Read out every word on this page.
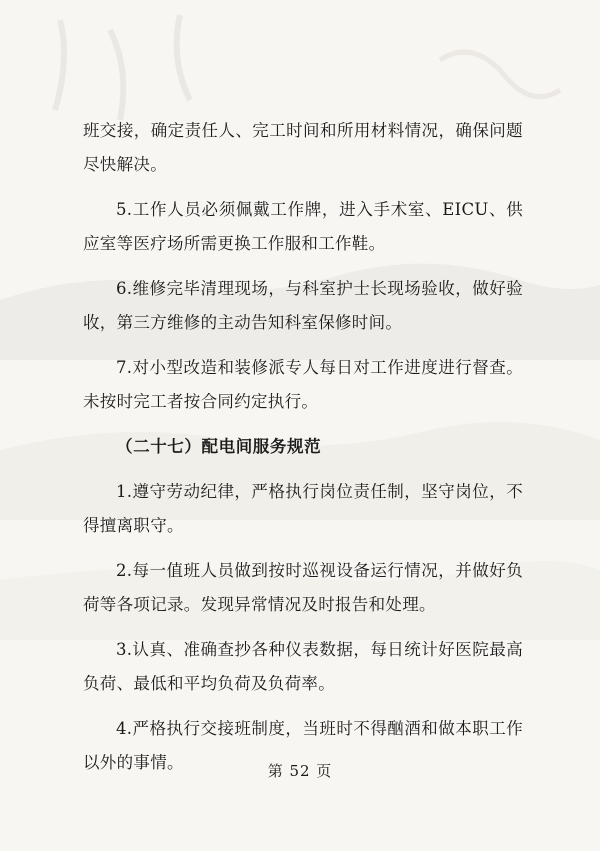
班交接，确定责任人、完工时间和所用材料情况，确保问题尽快解决。

5.工作人员必须佩戴工作牌，进入手术室、EICU、供应室等医疗场所需更换工作服和工作鞋。

6.维修完毕清理现场，与科室护士长现场验收，做好验收，第三方维修的主动告知科室保修时间。

7.对小型改造和装修派专人每日对工作进度进行督查。未按时完工者按合同约定执行。

（二十七）配电间服务规范

1.遵守劳动纪律，严格执行岗位责任制，坚守岗位，不得擅离职守。

2.每一值班人员做到按时巡视设备运行情况，并做好负荷等各项记录。发现异常情况及时报告和处理。

3.认真、准确查抄各种仪表数据，每日统计好医院最高负荷、最低和平均负荷及负荷率。

4.严格执行交接班制度，当班时不得酗酒和做本职工作以外的事情。	第 52 页
